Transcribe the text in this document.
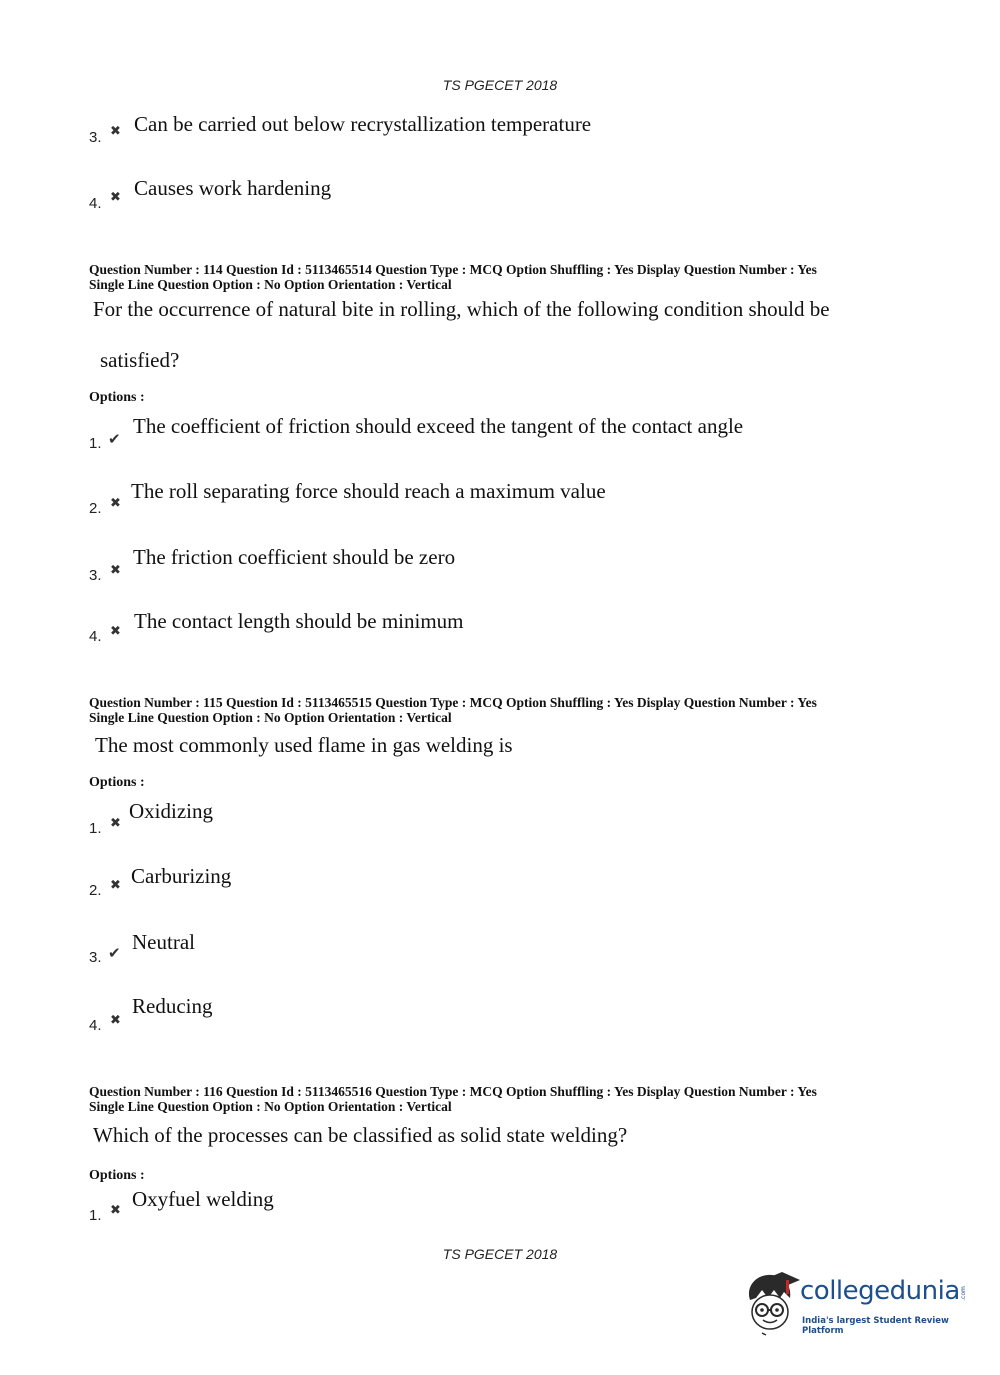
TS PGECET 2018
3. ✖ Can be carried out below recrystallization temperature
4. ✖ Causes work hardening
Question Number : 114 Question Id : 5113465514 Question Type : MCQ Option Shuffling : Yes Display Question Number : Yes
Single Line Question Option : No Option Orientation : Vertical
For the occurrence of natural bite in rolling, which of the following condition should be
satisfied?
Options :
1. ✔
The coefficient of friction should exceed the tangent of the contact angle
2. ✖
The roll separating force should reach a maximum value
3. ✖
The friction coefficient should be zero
4. ✖ The contact length should be minimum
Question Number : 115 Question Id : 5113465515 Question Type : MCQ Option Shuffling : Yes Display Question Number : Yes
Single Line Question Option : No Option Orientation : Vertical
The most commonly used flame in gas welding is
Options :
1. ✖
Oxidizing
2. ✖ Carburizing
3. ✔ Neutral
4. ✖
Reducing
Question Number : 116 Question Id : 5113465516 Question Type : MCQ Option Shuffling : Yes Display Question Number : Yes
Single Line Question Option : No Option Orientation : Vertical
Which of the processes can be classified as solid state welding?
Options :
1. ✖ Oxyfuel welding
TS PGECET 2018
collegedunia .com
India's largest Student Review Platform
